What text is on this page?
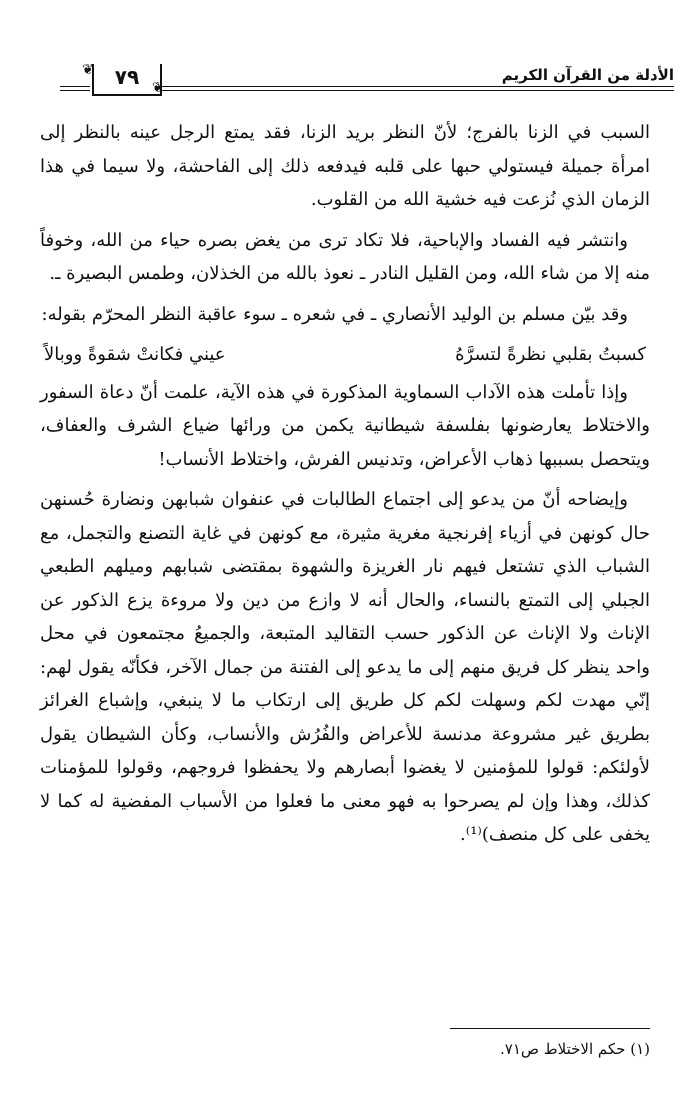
الأدلة من القرآن الكريم
❦	٧٩ ❦

السبب في الزنا بالفرج؛ لأنّ النظر بريد الزنا، فقد يمتع الرجل عينه بالنظر إلى امرأة جميلة فيستولي حبها على قلبه فيدفعه ذلك إلى الفاحشة، ولا سيما في هذا الزمان الذي نُزعت فيه خشية الله من القلوب.

وانتشر فيه الفساد والإباحية، فلا تكاد ترى من يغض بصره حياء من الله، وخوفاً منه إلا من شاء الله، ومن القليل النادر ـ نعوذ بالله من الخذلان، وطمس البصيرة ـ.

وقد بيّن مسلم بن الوليد الأنصاري ـ في شعره ـ سوء عاقبة النظر المحرّم بقوله:

كسبتُ بقلبي نظرةً لتسرَّهُ
عيني فكانتْ شقوةً ووبالاً

وإذا تأملت هذه الآداب السماوية المذكورة في هذه الآية، علمت أنّ دعاة السفور والاختلاط يعارضونها بفلسفة شيطانية يكمن من ورائها ضياع الشرف والعفاف، ويتحصل بسببها ذهاب الأعراض، وتدنيس الفرش، واختلاط الأنساب!

وإيضاحه أنّ من يدعو إلى اجتماع الطالبات في عنفوان شبابهن ونضارة حُسنهن حال كونهن في أزياء إفرنجية مغرية مثيرة، مع كونهن في غاية التصنع والتجمل، مع الشباب الذي تشتعل فيهم نار الغريزة والشهوة بمقتضى شبابهم وميلهم الطبعي الجبلي إلى التمتع بالنساء، والحال أنه لا وازع من دين ولا مروءة يزع الذكور عن الإناث ولا الإناث عن الذكور حسب التقاليد المتبعة، والجميعُ مجتمعون في محل واحد ينظر كل فريق منهم إلى ما يدعو إلى الفتنة من جمال الآخر، فكأنّه يقول لهم: إنّي مهدت لكم وسهلت لكم كل طريق إلى ارتكاب ما لا ينبغي، وإشباع الغرائز بطريق غير مشروعة مدنسة للأعراض والفُرُش والأنساب، وكأن الشيطان يقول لأولئكم: قولوا للمؤمنين لا يغضوا أبصارهم ولا يحفظوا فروجهم، وقولوا للمؤمنات كذلك، وهذا وإن لم يصرحوا به فهو معنى ما فعلوا من الأسباب المفضية له كما لا يخفى على كل منصف)⁽¹⁾.

(١) حكم الاختلاط ص٧١.
